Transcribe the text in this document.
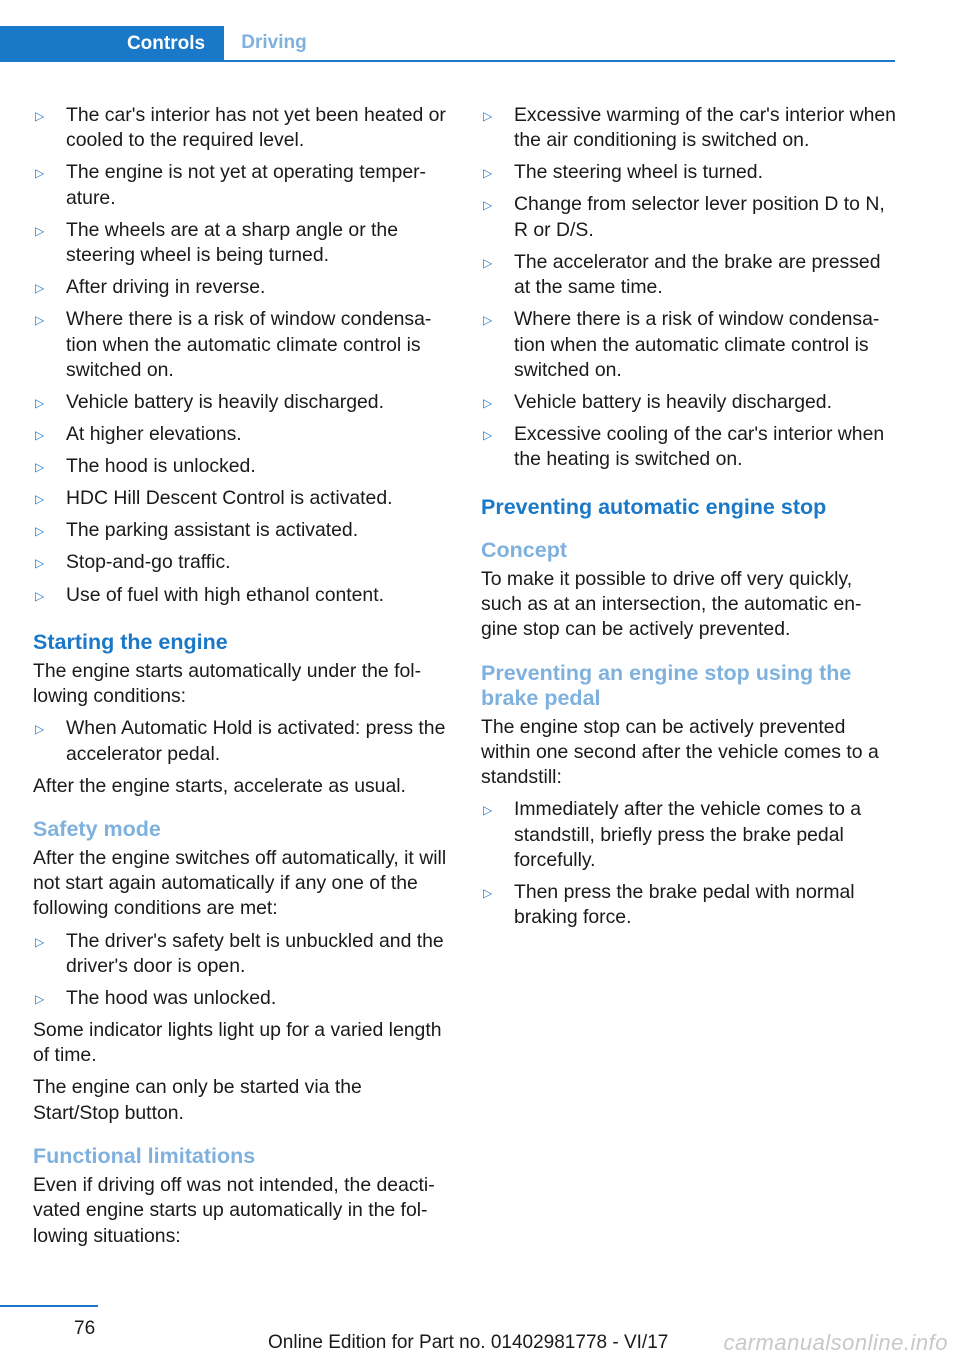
Controls Driving
▷ The car's interior has not yet been heated or cooled to the required level.
▷ The engine is not yet at operating temper‐ature.
▷ The wheels are at a sharp angle or the steering wheel is being turned.
▷ After driving in reverse.
▷ Where there is a risk of window condensa‐tion when the automatic climate control is switched on.
▷ Vehicle battery is heavily discharged.
▷ At higher elevations.
▷ The hood is unlocked.
▷ HDC Hill Descent Control is activated.
▷ The parking assistant is activated.
▷ Stop-and-go traffic.
▷ Use of fuel with high ethanol content.
Starting the engine

The engine starts automatically under the fol‐lowing conditions:

▷ When Automatic Hold is activated: press the accelerator pedal.

After the engine starts, accelerate as usual.

Safety mode

After the engine switches off automatically, it will not start again automatically if any one of the following conditions are met:

▷ The driver's safety belt is unbuckled and the driver's door is open.
▷ The hood was unlocked.

Some indicator lights light up for a varied length of time.

The engine can only be started via the Start/Stop button.

Functional limitations

Even if driving off was not intended, the deacti‐vated engine starts up automatically in the fol‐lowing situations:

▷ Excessive warming of the car's interior when the air conditioning is switched on.
▷ The steering wheel is turned.
▷ Change from selector lever position D to N, R or D/S.
▷ The accelerator and the brake are pressed at the same time.
▷ Where there is a risk of window condensa‐tion when the automatic climate control is switched on.
▷ Vehicle battery is heavily discharged.
▷ Excessive cooling of the car's interior when the heating is switched on.
Preventing automatic engine stop
Concept

To make it possible to drive off very quickly, such as at an intersection, the automatic en‐gine stop can be actively prevented.

Preventing an engine stop using the brake pedal

The engine stop can be actively prevented within one second after the vehicle comes to a standstill:

▷ Immediately after the vehicle comes to a standstill, briefly press the brake pedal forcefully.
▷ Then press the brake pedal with normal braking force.
76
Online Edition for Part no. 01402981778 - VI/17	carmanualsonline.info
